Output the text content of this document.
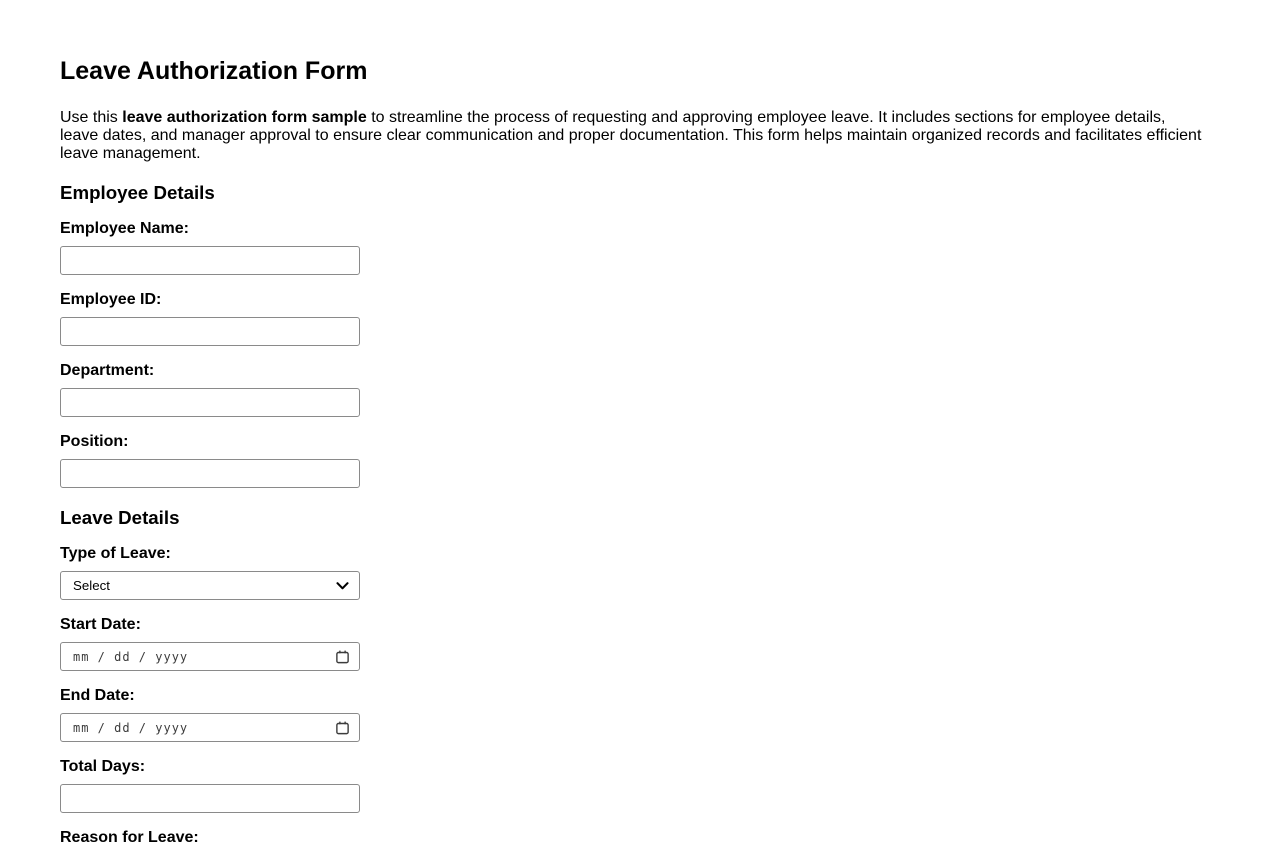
Leave Authorization Form

Use this leave authorization form sample to streamline the process of requesting and approving employee leave. It includes sections for employee details,
leave dates, and manager approval to ensure clear communication and proper documentation. This form helps maintain organized records and facilitates efficient
leave management.

Employee Details
Employee Name:
Employee ID:
Department:
Position:
Leave Details
Type of Leave:
Select
Start Date:
mm / dd / yyyy
End Date:
mm / dd / yyyy
Total Days:
Reason for Leave:
